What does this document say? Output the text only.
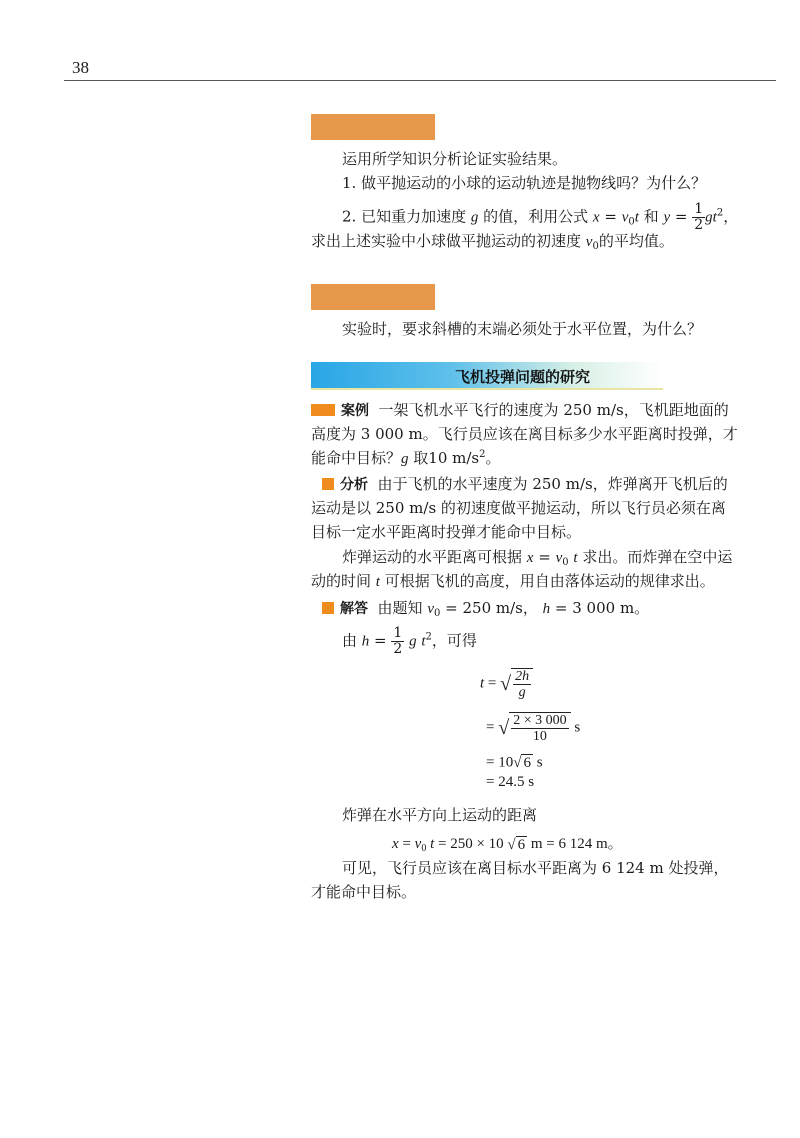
38
运用所学知识分析论证实验结果。
1. 做平抛运动的小球的运动轨迹是抛物线吗？为什么？
2. 已知重力加速度 g 的值，利用公式 $x = v_0t$ 和 $y = \frac{1}{2} gt^2$，
求出上述实验中小球做平抛运动的初速度 $v_0$的平均值。
实验时，要求斜槽的末端必须处于水平位置，为什么？
飞机投弹问题的研究
案例 一架飞机水平飞行的速度为 250 m/s，飞机距地面的
高度为 3 000 m。飞行员应该在离目标多少水平距离时投弹，才
能命中目标？g 取10 $m/s^2$。
分析 由于飞机的水平速度为 250 m/s，炸弹离开飞机后的
运动是以 250 m/s 的初速度做平抛运动，所以飞行员必须在离
目标一定水平距离时投弹才能命中目标。
炸弹运动的水平距离可根据 $x = v_0$ t 求出。而炸弹在空中运
动的时间 t 可根据飞机的高度，用自由落体运动的规律求出。
解答 由题知 $v_0 = 250$ m/s， h = 3 000 m。
由 $h = \frac{1}{2}$ g $t^2$，可得
t = √ $\frac{2h}{g}$
= √ $\frac{2 \times 3 000}{10}$ s
= 10√ 6 s
= 24.5 s
炸弹在水平方向上运动的距离
$x = v_0$ t = 250 × 10 √ 6 m = 6 124 m。
可见，飞行员应该在离目标水平距离为 6 124 m 处投弹，
才能命中目标。
